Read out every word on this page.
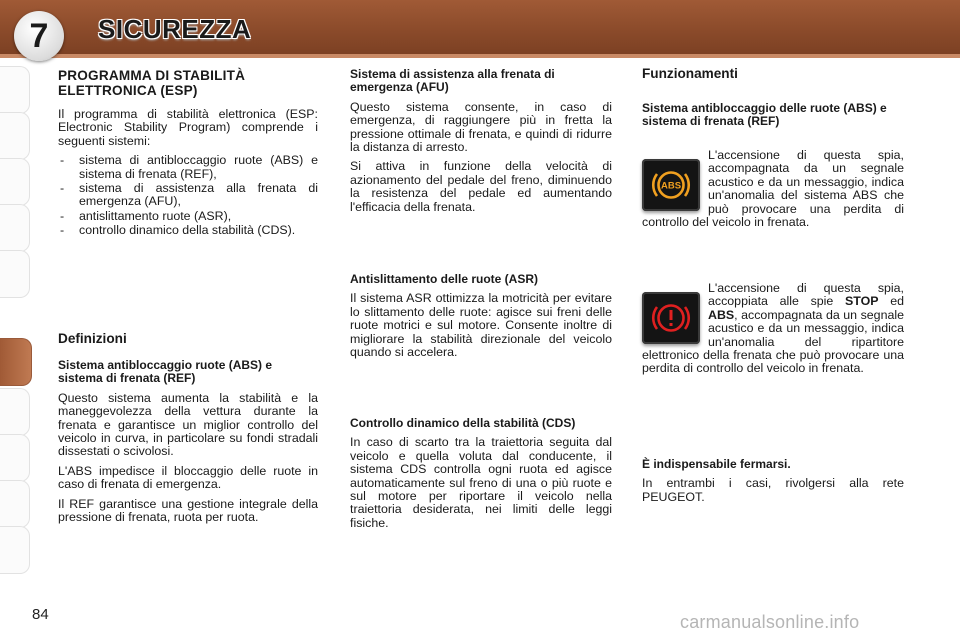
7 SICUREZZA
PROGRAMMA DI STABILITÀ ELETTRONICA (ESP)

Il programma di stabilità elettronica (ESP: Electronic Stability Program) comprende i seguenti sistemi:

- sistema di antibloccaggio ruote (ABS) e sistema di frenata (REF),
- sistema di assistenza alla frenata di emergenza (AFU),
- antislittamento ruote (ASR),
- controllo dinamico della stabilità (CDS).
Definizioni
Sistema antibloccaggio ruote (ABS) e sistema di frenata (REF)

Questo sistema aumenta la stabilità e la maneggevolezza della vettura durante la frenata e garantisce un miglior controllo del veicolo in curva, in particolare su fondi stradali dissestati o scivolosi.

L'ABS impedisce il bloccaggio delle ruote in caso di frenata di emergenza.

Il REF garantisce una gestione integrale della pressione di frenata, ruota per ruota.

Sistema di assistenza alla frenata di emergenza (AFU)

Questo sistema consente, in caso di emergenza, di raggiungere più in fretta la pressione ottimale di frenata, e quindi di ridurre la distanza di arresto.

Si attiva in funzione della velocità di azionamento del pedale del freno, diminuendo la resistenza del pedale ed aumentando l'efficacia della frenata.

Antislittamento delle ruote (ASR)

Il sistema ASR ottimizza la motricità per evitare lo slittamento delle ruote: agisce sui freni delle ruote motrici e sul motore. Consente inoltre di migliorare la stabilità direzionale del veicolo quando si accelera.

Controllo dinamico della stabilità (CDS)

In caso di scarto tra la traiettoria seguita dal veicolo e quella voluta dal conducente, il sistema CDS controlla ogni ruota ed agisce automaticamente sul freno di una o più ruote e sul motore per riportare il veicolo nella traiettoria desiderata, nei limiti delle leggi fisiche.

Funzionamenti
Sistema antibloccaggio delle ruote (ABS) e sistema di frenata (REF)
ABS

L'accensione di questa spia, accompagnata da un segnale acustico e da un messaggio, indica un'anomalia del sistema ABS che può provocare una perdita di controllo del veicolo in frenata.

L'accensione di questa spia, accoppiata alle spie STOP ed ABS, accompagnata da un segnale acustico e da un messaggio, indica un'anomalia del ripartitore elettronico della frenata che può provocare una perdita di controllo del veicolo in frenata.

È indispensabile fermarsi.

In entrambi i casi, rivolgersi alla rete PEUGEOT.

84	carmanualsonline.info
